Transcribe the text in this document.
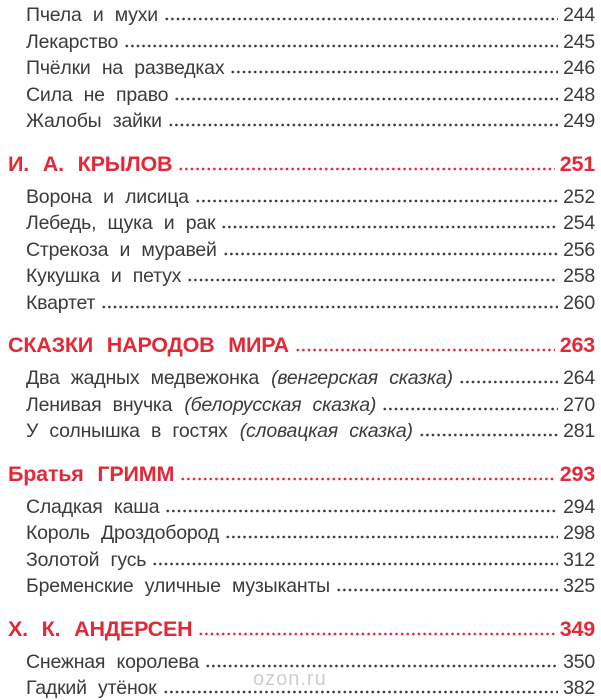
Пчела и мухи	244
Лекарство	245
Пчёлки на разведках	246
Сила не право	248
Жалобы зайки	249
И. А. КРЫЛОВ	251
Ворона и лисица	252
Лебедь, щука и рак	254
Стрекоза и муравей	256
Кукушка и петух	258
Квартет	260
СКАЗКИ НАРОДОВ МИРА	263
Два жадных медвежонка (венгерская сказка)	264
Ленивая внучка (белорусская сказка)	270
У солнышка в гостях (словацкая сказка)	281
Братья ГРИММ	293
Сладкая каша	294
Король Дроздобород	298
Золотой гусь	312
Бременские уличные музыканты	325
Х. К. АНДЕРСЕН	349
Снежная королева	350
Гадкий утёнок	382
ozon.ru
